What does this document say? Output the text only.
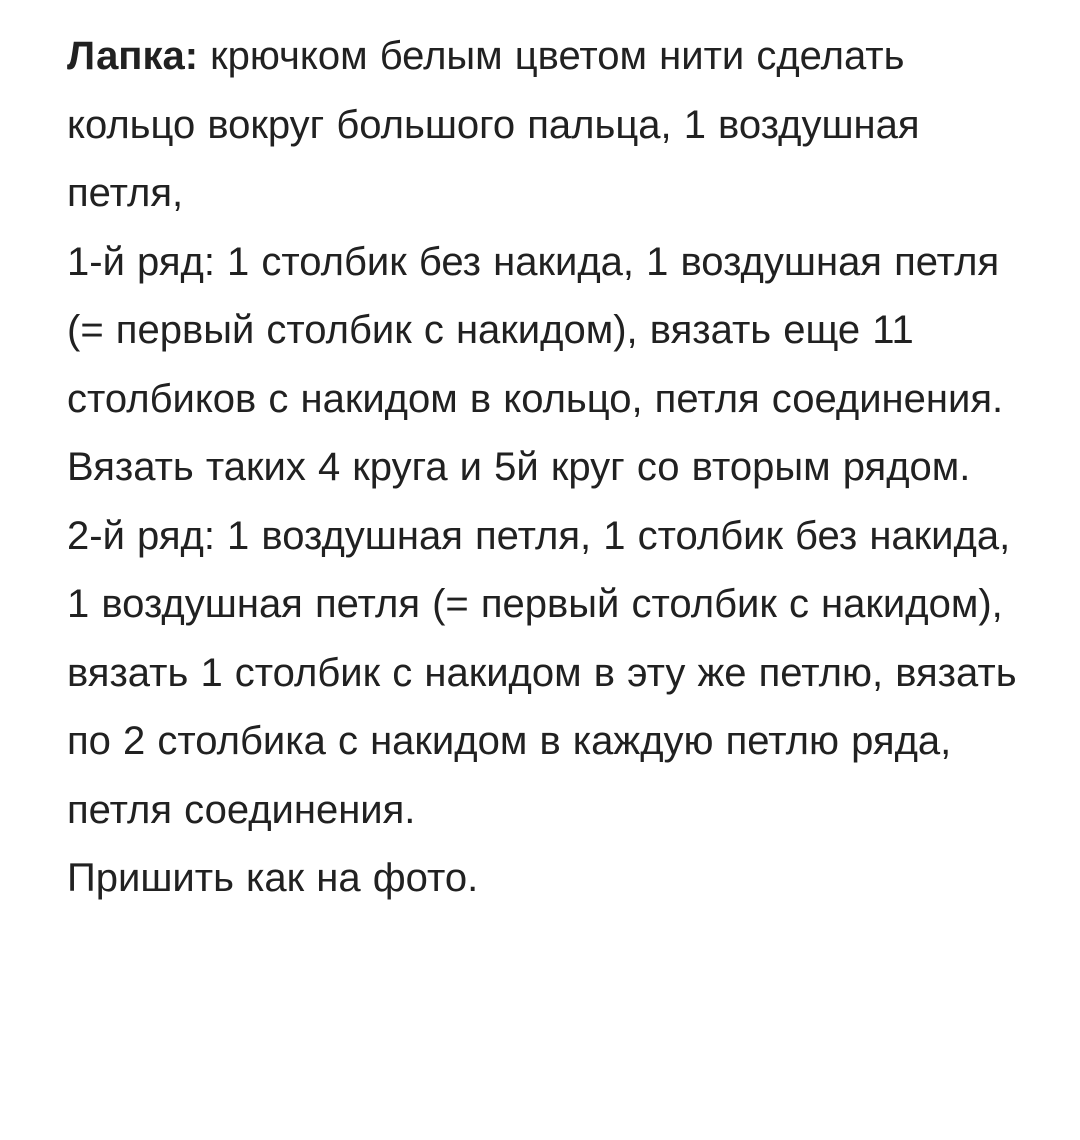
Лапка: крючком белым цветом нити сделать кольцо вокруг большого пальца, 1 воздушная петля,

1-й ряд: 1 столбик без накида, 1 воздушная петля (= первый столбик с накидом), вязать еще 11 столбиков с накидом в кольцо, петля соединения.

Вязать таких 4 круга и 5й круг со вторым рядом.

2-й ряд: 1 воздушная петля, 1 столбик без накида, 1 воздушная петля (= первый столбик с накидом), вязать 1 столбик с накидом в эту же петлю, вязать по 2 столбика с накидом в каждую петлю ряда, петля соединения.

Пришить как на фото.
